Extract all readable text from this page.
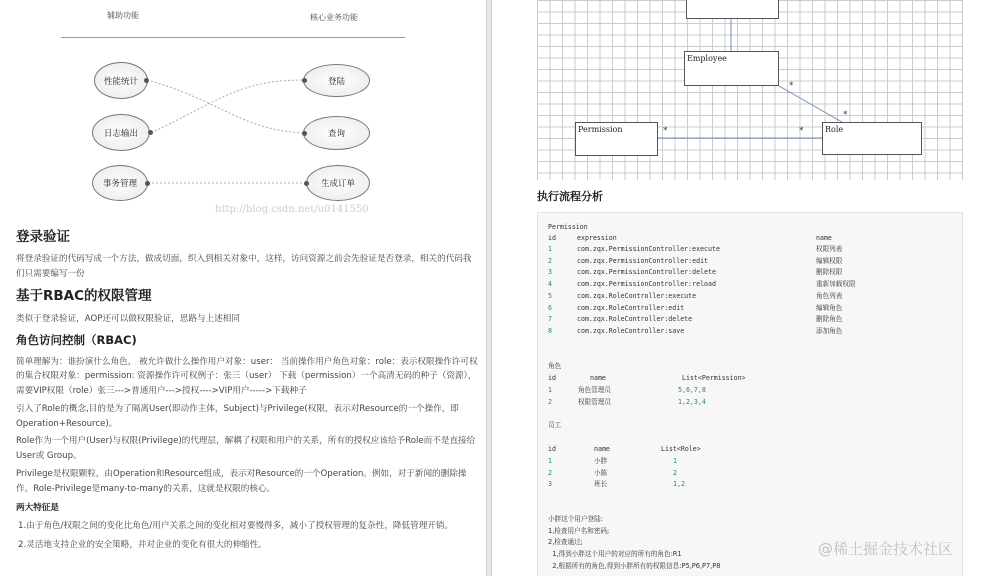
辅助功能	核心业务功能
性能统计
日志输出
事务管理
登陆
查询
生成订单
http://blog.csdn.net/u0141550
登录验证
将登录验证的代码写成一个方法，做成切面，织入到相关对象中，这样，访问资源之前会先验证是否登录，相关的代码我们只需要编写一份
基于RBAC的权限管理
类似于登录验证，AOP还可以做权限验证，思路与上述相同
角色访问控制（RBAC)
简单理解为：谁扮演什么角色， 被允许做什么操作用户对象：user： 当前操作用户角色对象：role：表示权限操作许可权的集合权限对象：permission: 资源操作许可权例子：张三（user） 下载（permission）一个高清无码的种子（资源）， 需要VIP权限（role）张三--->普通用户--->授权---->VIP用户----->下载种子
引入了Role的概念,目的是为了隔离User(即动作主体，Subject)与Privilege(权限，表示对Resource的一个操作，即Operation+Resource)。
Role作为一个用户(User)与权限(Privilege)的代理层，解耦了权限和用户的关系，所有的授权应该给予Role而不是直接给User或 Group。
Privilege是权限颗粒，由Operation和Resource组成，表示对Resource的一个Operation。例如，对于新闻的删除操作。Role-Privilege是many-to-many的关系，这就是权限的核心。
两大特征是
1.由于角色/权限之间的变化比角色/用户关系之间的变化相对要慢得多，减小了授权管理的复杂性，降低管理开销。
2.灵活地支持企业的安全策略，并对企业的变化有很大的伸缩性。
Employee
Permission	Role
*
*
*	*
执行流程分析
Permission
id	expression	name
1	com.zqx.PermissionController:execute	权限列表
2	com.zqx.PermissionController:edit	编辑权限
3	com.zqx.PermissionController:delete	删除权限
4	com.zqx.PermissionController:reload	重新加载权限
5	com.zqx.RoleController:execute	角色列表
6	com.zqx.RoleController:edit	编辑角色
7	com.zqx.RoleController:delete	删除角色
8	com.zqx.RoleController:save	添加角色
角色
id	name	List<Permission>
1	角色管理员	5,6,7,8
2	权限管理员	1,2,3,4
员工
id	name	List<Role>
1	小胖	1
2	小陈	2
3	班长	1,2
小胖这个用户登陆:
1,检查用户名和密码;
2,检查通过;
1,得到小胖这个用户的对应的所有的角色:R1
2,根据所有的角色,得到小胖所有的权限信息:P5,P6,P7,P8
@稀土掘金技术社区
